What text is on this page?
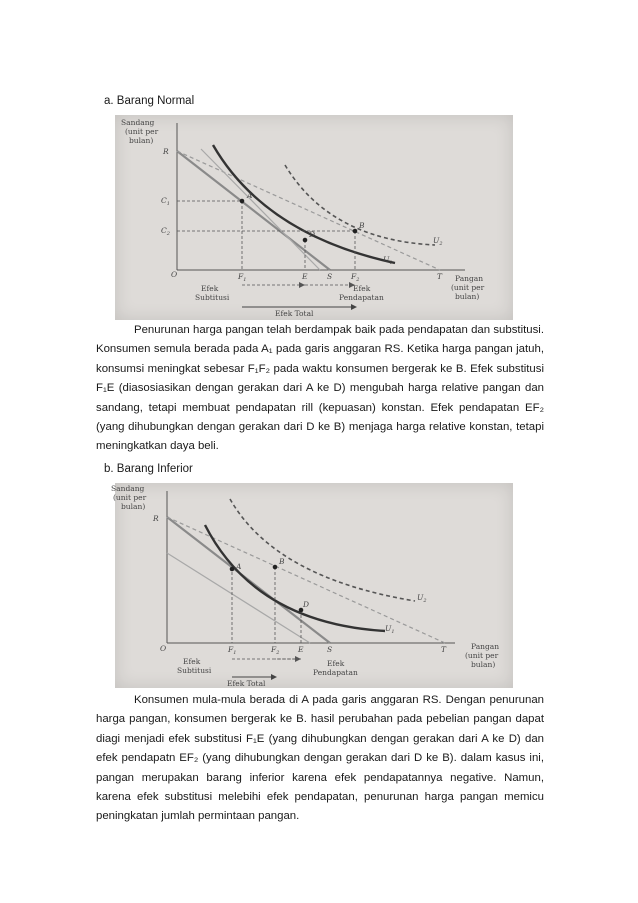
a. Barang Normal
Sandang
(unit per
bulan)
Pangan
(unit per
bulan)
O
R
$C_1$
$C_2$
A
B
D
$U_1$
$U_2$
$F_1$	E	S	$F_2$	T
Efek
Subtitusi
Efek
Pendapatan
Efek Total

Penurunan harga pangan telah berdampak baik pada pendapatan dan substitusi. Konsumen semula berada pada A₁ pada garis anggaran RS. Ketika harga pangan jatuh, konsumsi meningkat sebesar F₁F₂ pada waktu konsumen bergerak ke B. Efek substitusi F₁E (diasosiasikan dengan gerakan dari A ke D) mengubah harga relative pangan dan sandang, tetapi membuat pendapatan rill (kepuasan) konstan. Efek pendapatan EF₂ (yang dihubungkan dengan gerakan dari D ke B) menjaga harga relative konstan, tetapi meningkatkan daya beli.

b. Barang Inferior
Sandang
(unit per
bulan)
Pangan
(unit per
bulan)
O
R
A
B
D
$U_1$
$U_2$
$F_1$	$F_2$ E	S	T
Efek
Subtitusi
Efek
Pendapatan
Efek Total

Konsumen mula-mula berada di A pada garis anggaran RS. Dengan penurunan harga pangan, konsumen bergerak ke B. hasil perubahan pada pebelian pangan dapat diagi menjadi efek substitusi F₁E (yang dihubungkan dengan gerakan dari A ke D) dan efek pendapatn EF₂ (yang dihubungkan dengan gerakan dari D ke B). dalam kasus ini, pangan merupakan barang inferior karena efek pendapatannya negative. Namun, karena efek substitusi melebihi efek pendapatan, penurunan harga pangan memicu peningkatan jumlah permintaan pangan.
